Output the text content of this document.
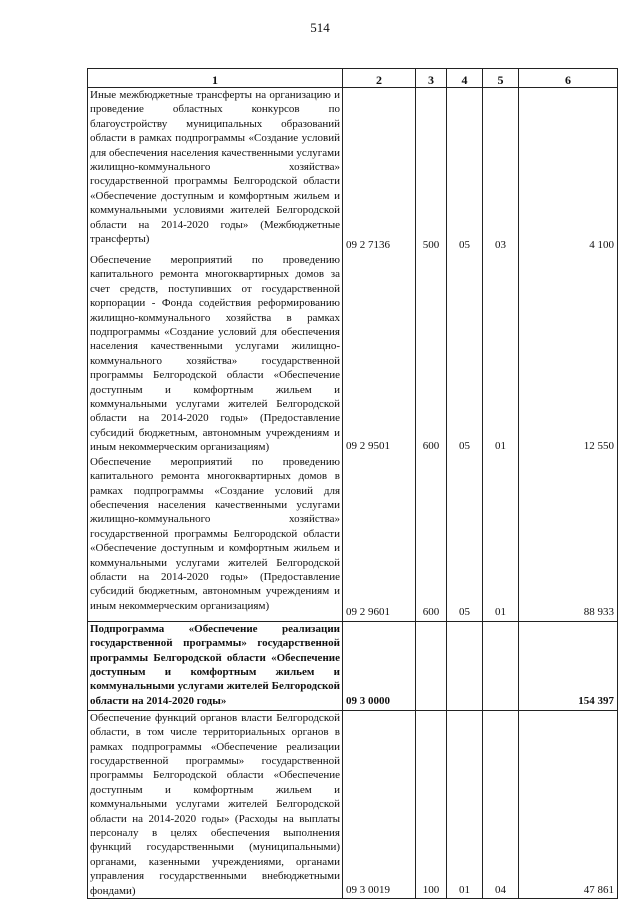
514
1	2	3	4	5	6
Иные межбюджетные трансферты на организацию и проведение областных конкурсов по благоустройству муниципальных образований области в рамках подпрограммы «Создание условий для обеспечения населения качественными услугами жилищно-коммунального хозяйства» государственной программы Белгородской области «Обеспечение доступным и комфортным жильем и коммунальными условиями жителей Белгородской области на 2014-2020 годы» (Межбюджетные трансферты)	09 2 7136	500	05	03	4 100
Обеспечение мероприятий по проведению капитального ремонта многоквартирных домов за счет средств, поступивших от государственной корпорации - Фонда содействия реформированию жилищно-коммунального хозяйства в рамках подпрограммы «Создание условий для обеспечения населения качественными услугами жилищно-коммунального хозяйства» государственной программы Белгородской области «Обеспечение доступным и комфортным жильем и коммунальными услугами жителей Белгородской области на 2014-2020 годы» (Предоставление субсидий бюджетным, автономным учреждениям и иным некоммерческим организациям)	09 2 9501	600	05	01	12 550
Обеспечение мероприятий по проведению капитального ремонта многоквартирных домов в рамках подпрограммы «Создание условий для обеспечения населения качественными услугами жилищно-коммунального хозяйства» государственной программы Белгородской области «Обеспечение доступным и комфортным жильем и коммунальными услугами жителей Белгородской области на 2014-2020 годы» (Предоставление субсидий бюджетным, автономным учреждениям и иным некоммерческим организациям)	09 2 9601	600	05	01	88 933
Подпрограмма «Обеспечение реализации государственной программы» государственной программы Белгородской области «Обеспечение доступным и комфортным жильем и коммунальными услугами жителей Белгородской области на 2014-2020 годы»	09 3 0000				154 397
Обеспечение функций органов власти Белгородской области, в том числе территориальных органов в рамках подпрограммы «Обеспечение реализации государственной программы» государственной программы Белгородской области «Обеспечение доступным и комфортным жильем и коммунальными услугами жителей Белгородской области на 2014-2020 годы» (Расходы на выплаты персоналу в целях обеспечения выполнения функций государственными (муниципальными) органами, казенными учреждениями, органами управления государственными внебюджетными фондами)	09 3 0019	100	01	04	47 861
